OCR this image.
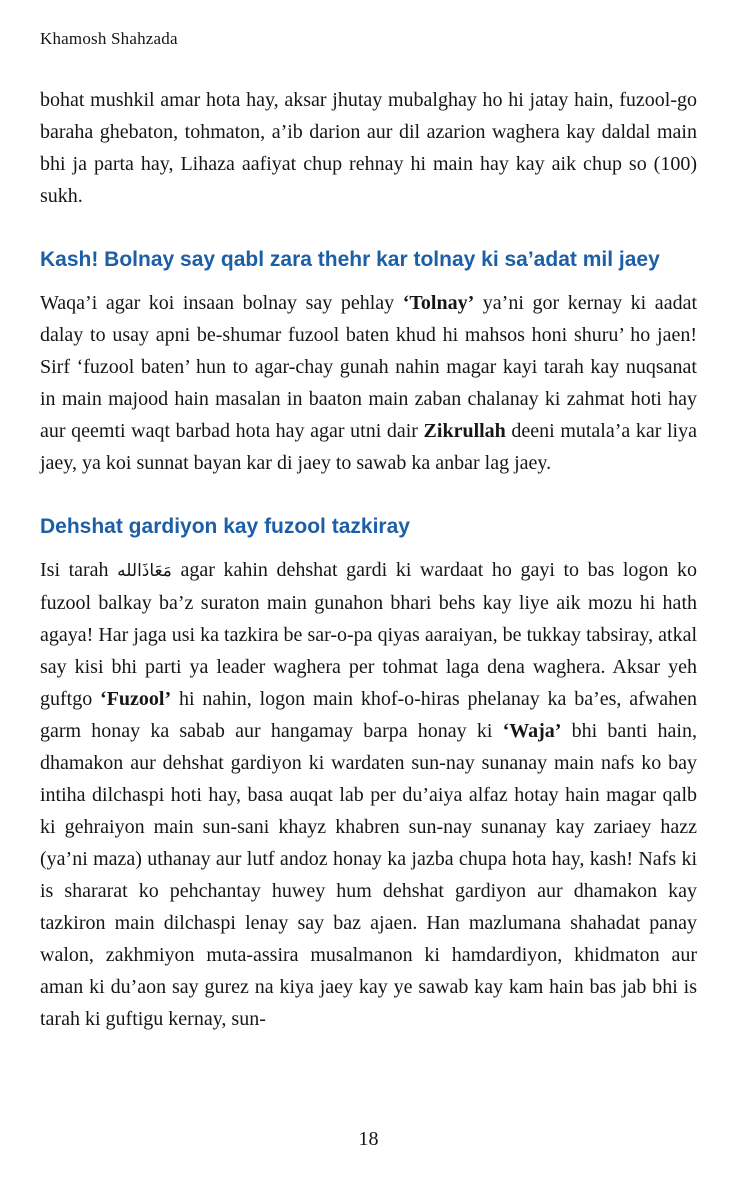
Khamosh Shahzada

bohat mushkil amar hota hay, aksar jhutay mubalghay ho hi jatay hain, fuzool-go baraha ghebaton, tohmaton, a’ib darion aur dil azarion waghera kay daldal main bhi ja parta hay, Lihaza aafiyat chup rehnay hi main hay kay aik chup so (100) sukh.

Kash! Bolnay say qabl zara thehr kar tolnay ki sa’adat mil jaey

Waqa’i agar koi insaan bolnay say pehlay ‘Tolnay’ ya’ni gor kernay ki aadat dalay to usay apni be-shumar fuzool baten khud hi mahsos honi shuru’ ho jaen! Sirf ‘fuzool baten’ hun to agar-chay gunah nahin magar kayi tarah kay nuqsanat in main majood hain masalan in baaton main zaban chalanay ki zahmat hoti hay aur qeemti waqt barbad hota hay agar utni dair Zikrullah deeni mutala’a kar liya jaey, ya koi sunnat bayan kar di jaey to sawab ka anbar lag jaey.

Dehshat gardiyon kay fuzool tazkiray

Isi tarah مَعَاذَالله agar kahin dehshat gardi ki wardaat ho gayi to bas logon ko fuzool balkay ba’z suraton main gunahon bhari behs kay liye aik mozu hi hath agaya! Har jaga usi ka tazkira be sar-o-pa qiyas aaraiyan, be tukkay tabsiray, atkal say kisi bhi parti ya leader waghera per tohmat laga dena waghera. Aksar yeh guftgo ‘Fuzool’ hi nahin, logon main khof-o-hiras phelanay ka ba’es, afwahen garm honay ka sabab aur hangamay barpa honay ki ‘Waja’ bhi banti hain, dhamakon aur dehshat gardiyon ki wardaten sun-nay sunanay main nafs ko bay intiha dilchaspi hoti hay, basa auqat lab per du’aiya alfaz hotay hain magar qalb ki gehraiyon main sun-sani khayz khabren sun-nay sunanay kay zariaey hazz (ya’ni maza) uthanay aur lutf andoz honay ka jazba chupa hota hay, kash! Nafs ki is shararat ko pehchantay huwey hum dehshat gardiyon aur dhamakon kay tazkiron main dilchaspi lenay say baz ajaen. Han mazlumana shahadat panay walon, zakhmiyon muta-assira musalmanon ki hamdardiyon, khidmaton aur aman ki du’aon say gurez na kiya jaey kay ye sawab kay kam hain bas jab bhi is tarah ki guftigu kernay, sun-

18
